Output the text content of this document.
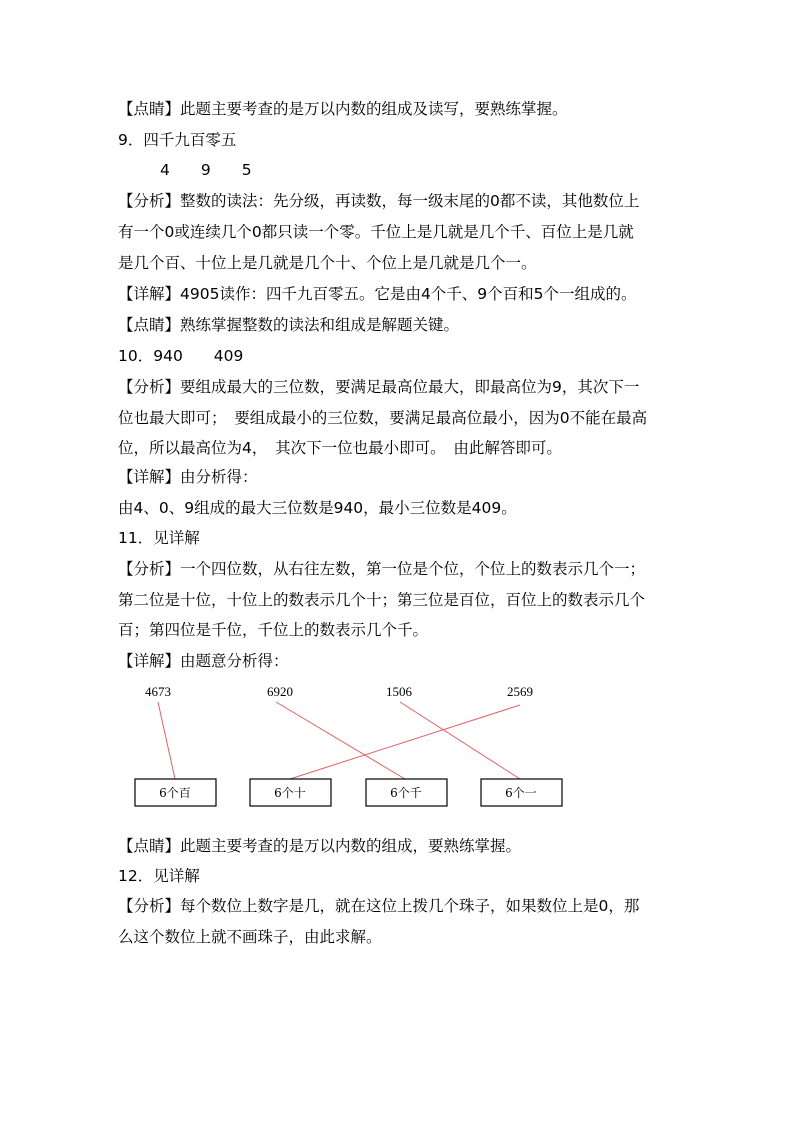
【点睛】此题主要考查的是万以内数的组成及读写，要熟练掌握。
9．四千九百零五
4　　9　　5
【分析】整数的读法：先分级，再读数，每一级末尾的0都不读，其他数位上
有一个0或连续几个0都只读一个零。千位上是几就是几个千、百位上是几就
是几个百、十位上是几就是几个十、个位上是几就是几个一。
【详解】4905读作：四千九百零五。它是由4个千、9个百和5个一组成的。
【点睛】熟练掌握整数的读法和组成是解题关键。
10．940　　409
【分析】要组成最大的三位数，要满足最高位最大，即最高位为9，其次下一
位也最大即可；　要组成最小的三位数，要满足最高位最小，因为0不能在最高
位，所以最高位为4，　其次下一位也最小即可。　由此解答即可。
【详解】由分析得：
由4、0、9组成的最大三位数是940，最小三位数是409。
11．见详解
【分析】一个四位数，从右往左数，第一位是个位，个位上的数表示几个一；
第二位是十位，十位上的数表示几个十；第三位是百位，百位上的数表示几个
百；第四位是千位，千位上的数表示几个千。
【详解】由题意分析得：
4673	6920	1506	2569
6个百	6个十	6个千	6个一
【点睛】此题主要考查的是万以内数的组成，要熟练掌握。
12．见详解
【分析】每个数位上数字是几，就在这位上拨几个珠子，如果数位上是0，那
么这个数位上就不画珠子，由此求解。
